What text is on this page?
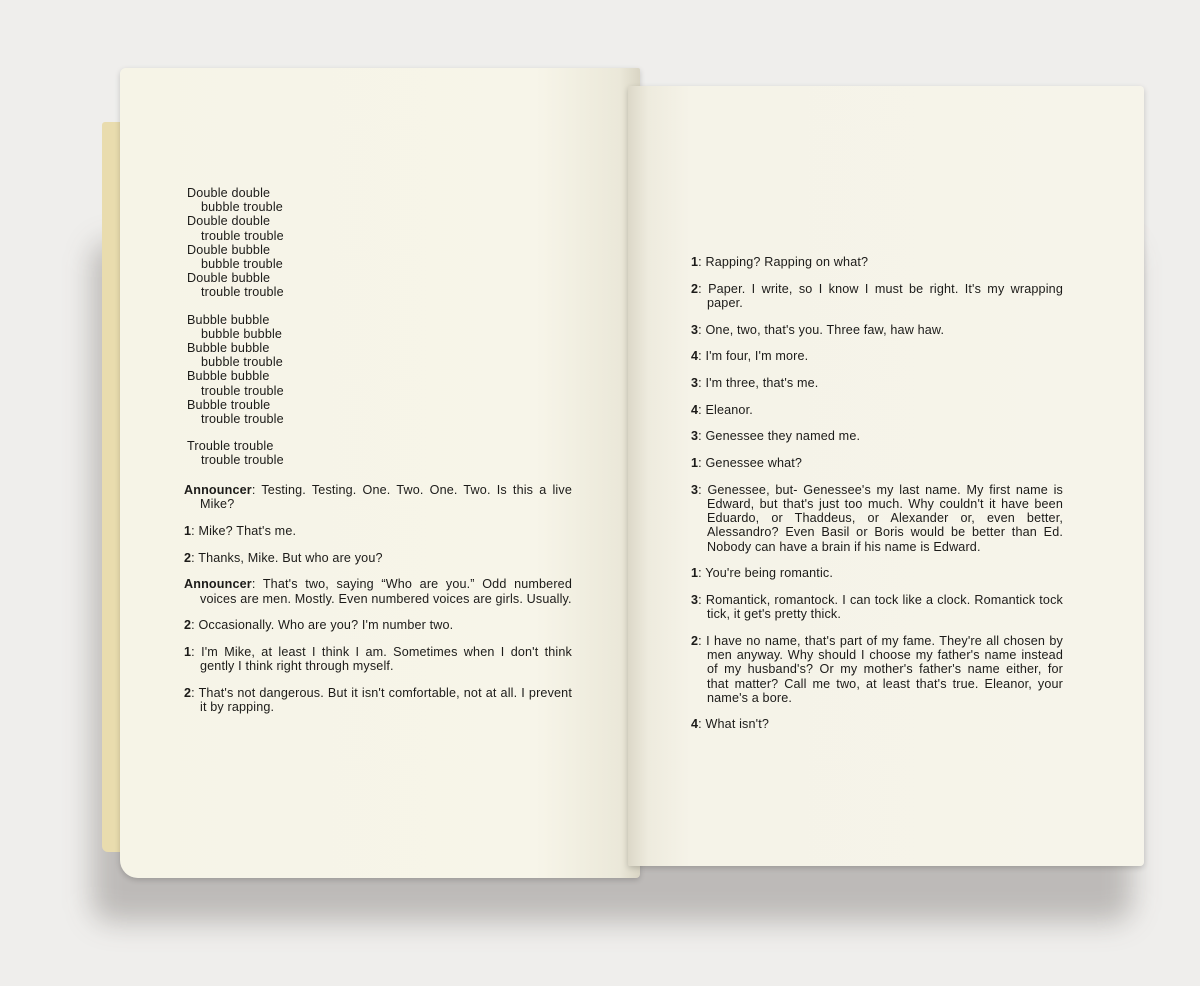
Double double
bubble trouble
Double double
trouble trouble
Double bubble
bubble trouble
Double bubble
trouble trouble
Bubble bubble
bubble bubble
Bubble bubble
bubble trouble
Bubble bubble
trouble trouble
Bubble trouble
trouble trouble
Trouble trouble
trouble trouble

Announcer: Testing. Testing. One. Two. One. Two. Is this a live Mike?

1: Mike? That's me.

2: Thanks, Mike. But who are you?

Announcer: That's two, saying “Who are you.” Odd numbered voices are men. Mostly. Even numbered voices are girls. Usually.

2: Occasionally. Who are you? I'm number two.

1: I'm Mike, at least I think I am. Sometimes when I don't think gently I think right through myself.

2: That's not dangerous. But it isn't comfortable, not at all. I prevent it by rapping.

1: Rapping? Rapping on what?

2: Paper. I write, so I know I must be right. It's my wrapping paper.

3: One, two, that's you. Three faw, haw haw.

4: I'm four, I'm more.

3: I'm three, that's me.

4: Eleanor.

3: Genessee they named me.

1: Genessee what?

3: Genessee, but- Genessee's my last name. My first name is Edward, but that's just too much. Why couldn't it have been Eduardo, or Thaddeus, or Alexander or, even better, Alessandro? Even Basil or Boris would be better than Ed. Nobody can have a brain if his name is Edward.

1: You're being romantic.

3: Romantick, romantock. I can tock like a clock. Romantick tock tick, it get's pretty thick.

2: I have no name, that's part of my fame. They're all chosen by men anyway. Why should I choose my father's name instead of my husband's? Or my mother's father's name either, for that matter? Call me two, at least that's true. Eleanor, your name's a bore.

4: What isn't?
